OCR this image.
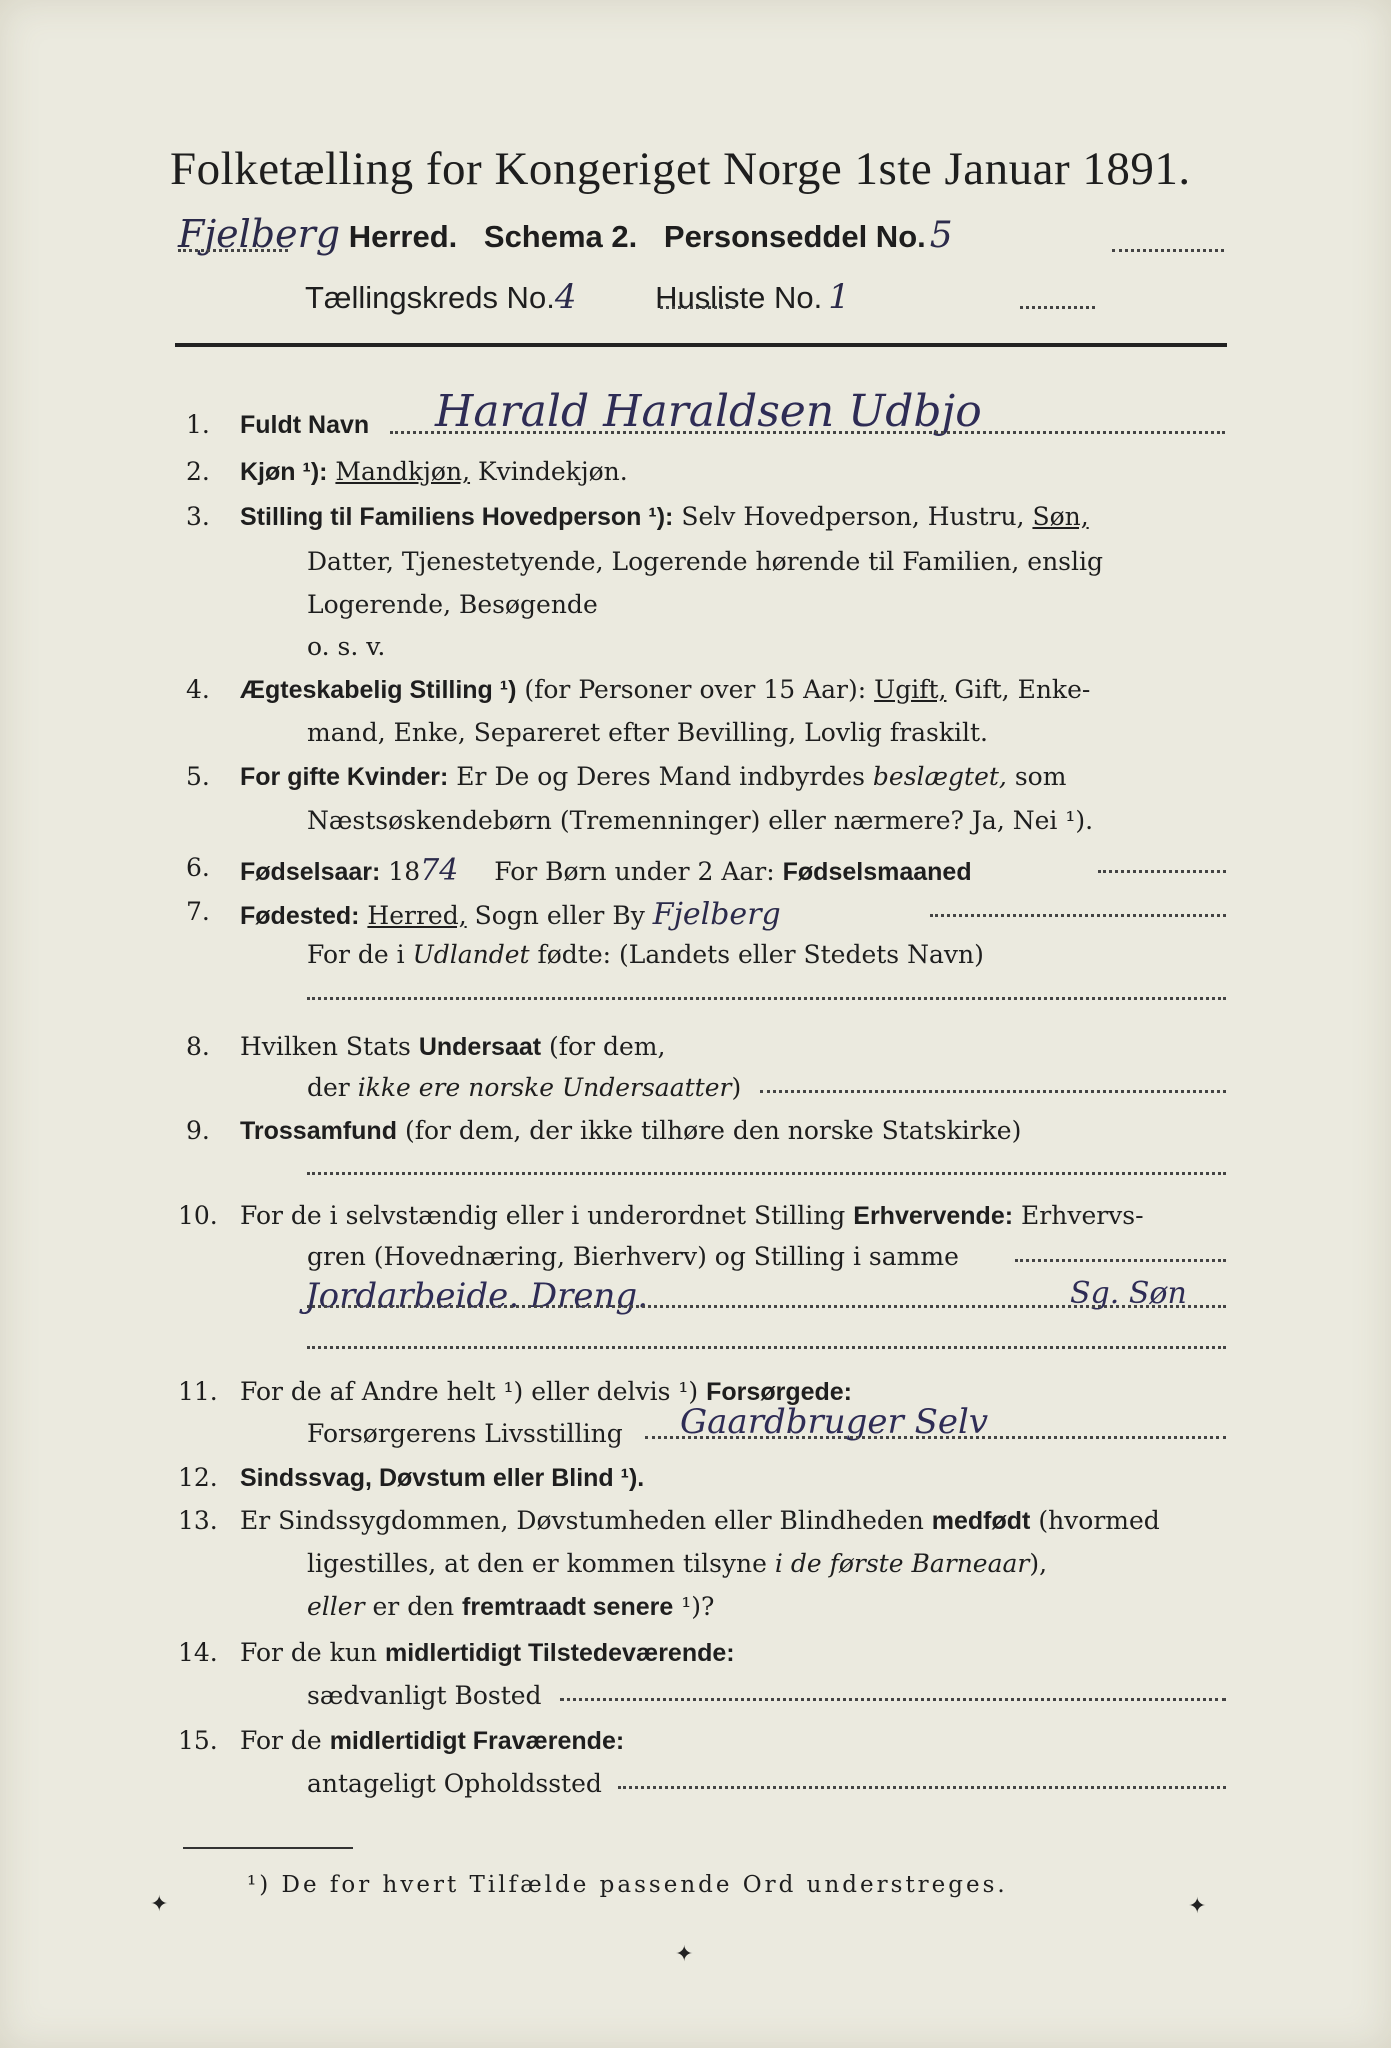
Folketælling for Kongeriget Norge 1ste Januar 1891.
Fjelberg Herred. Schema 2. Personseddel No. 5
Tællingskreds No.4	Husliste No. 1
1. Fuldt Navn Harald Haraldsen Udbjo
2. Kjøn ¹): Mandkjøn, Kvindekjøn.
3. Stilling til Familiens Hovedperson ¹): Selv Hovedperson, Hustru, Søn,
Datter, Tjenestetyende, Logerende hørende til Familien, enslig
Logerende, Besøgende
o. s. v.
4. Ægteskabelig Stilling ¹) (for Personer over 15 Aar): Ugift, Gift, Enke-
mand, Enke, Separeret efter Bevilling, Lovlig fraskilt.
5. For gifte Kvinder: Er De og Deres Mand indbyrdes beslægtet, som
Næstsøskendebørn (Tremenninger) eller nærmere? Ja, Nei ¹).
6. Fødselsaar: 1874 For Børn under 2 Aar: Fødselsmaaned
7. Fødested: Herred, Sogn eller By Fjelberg
For de i Udlandet fødte: (Landets eller Stedets Navn)
8. Hvilken Stats Undersaat (for dem,
der ikke ere norske Undersaatter)
9. Trossamfund (for dem, der ikke tilhøre den norske Statskirke)
10. For de i selvstændig eller i underordnet Stilling Erhvervende: Erhvervs-
gren (Hovednæring, Bierhverv) og Stilling i samme
Jordarbeide. Dreng.	Sg. Søn
11. For de af Andre helt ¹) eller delvis ¹) Forsørgede:
Forsørgerens Livsstilling Gaardbruger Selv
12. Sindssvag, Døvstum eller Blind ¹).
13. Er Sindssygdommen, Døvstumheden eller Blindheden medfødt (hvormed
ligestilles, at den er kommen tilsyne i de første Barneaar),
eller er den fremtraadt senere ¹)?
14. For de kun midlertidigt Tilstedeværende:
sædvanligt Bosted
15. For de midlertidigt Fraværende:
antageligt Opholdssted
¹) De for hvert Tilfælde passende Ord understreges.
✦
✦
✦
